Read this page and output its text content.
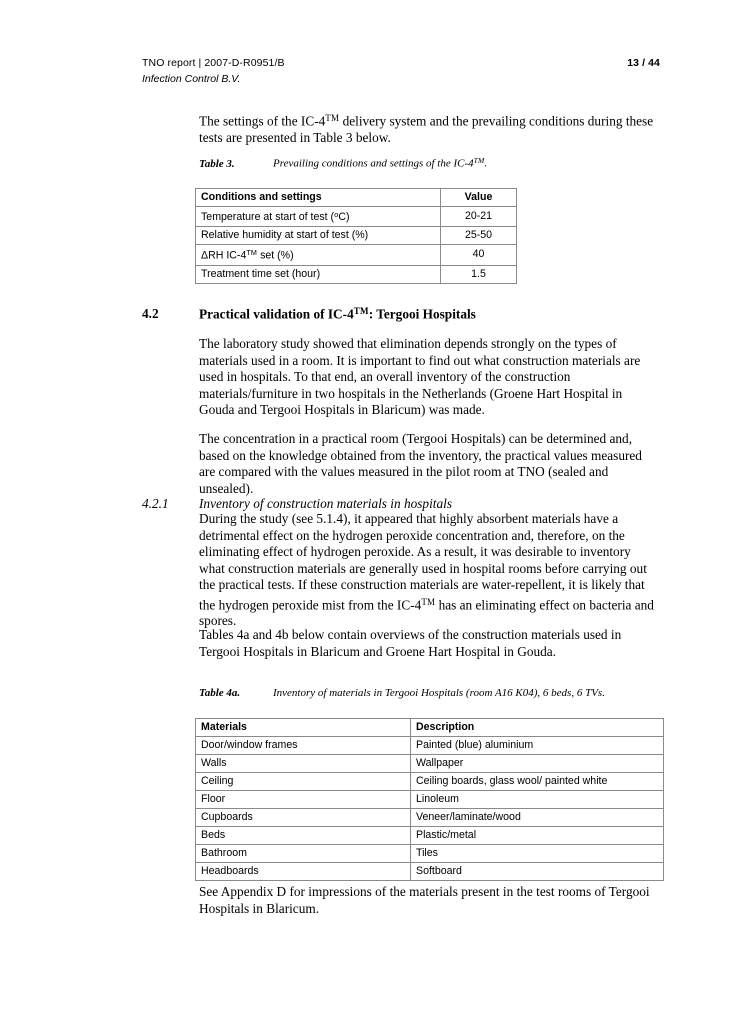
TNO report | 2007-D-R0951/B	13 / 44
Infection Control B.V.
The settings of the IC-4™ delivery system and the prevailing conditions during these tests are presented in Table 3 below.
Table 3.	Prevailing conditions and settings of the IC-4™.
Conditions and settings	Value
Temperature at start of test ($^o$C)	20-21
Relative humidity at start of test (%)	25-50
ΔRH IC-4™ set (%)	40
Treatment time set (hour)	1.5
4.2	Practical validation of IC-4™: Tergooi Hospitals
The laboratory study showed that elimination depends strongly on the types of materials used in a room. It is important to find out what construction materials are used in hospitals. To that end, an overall inventory of the construction materials/furniture in two hospitals in the Netherlands (Groene Hart Hospital in Gouda and Tergooi Hospitals in Blaricum) was made.
The concentration in a practical room (Tergooi Hospitals) can be determined and, based on the knowledge obtained from the inventory, the practical values measured are compared with the values measured in the pilot room at TNO (sealed and unsealed).
4.2.1 Inventory of construction materials in hospitals
During the study (see 5.1.4), it appeared that highly absorbent materials have a detrimental effect on the hydrogen peroxide concentration and, therefore, on the eliminating effect of hydrogen peroxide. As a result, it was desirable to inventory what construction materials are generally used in hospital rooms before carrying out the practical tests. If these construction materials are water-repellent, it is likely that the hydrogen peroxide mist from the IC-4™ has an eliminating effect on bacteria and spores.
Tables 4a and 4b below contain overviews of the construction materials used in Tergooi Hospitals in Blaricum and Groene Hart Hospital in Gouda.
Table 4a.	Inventory of materials in Tergooi Hospitals (room A16 K04), 6 beds, 6 TVs.
Materials	Description
Door/window frames	Painted (blue) aluminium
Walls	Wallpaper
Ceiling	Ceiling boards, glass wool/ painted white
Floor	Linoleum
Cupboards	Veneer/laminate/wood
Beds	Plastic/metal
Bathroom	Tiles
Headboards	Softboard
See Appendix D for impressions of the materials present in the test rooms of Tergooi Hospitals in Blaricum.
